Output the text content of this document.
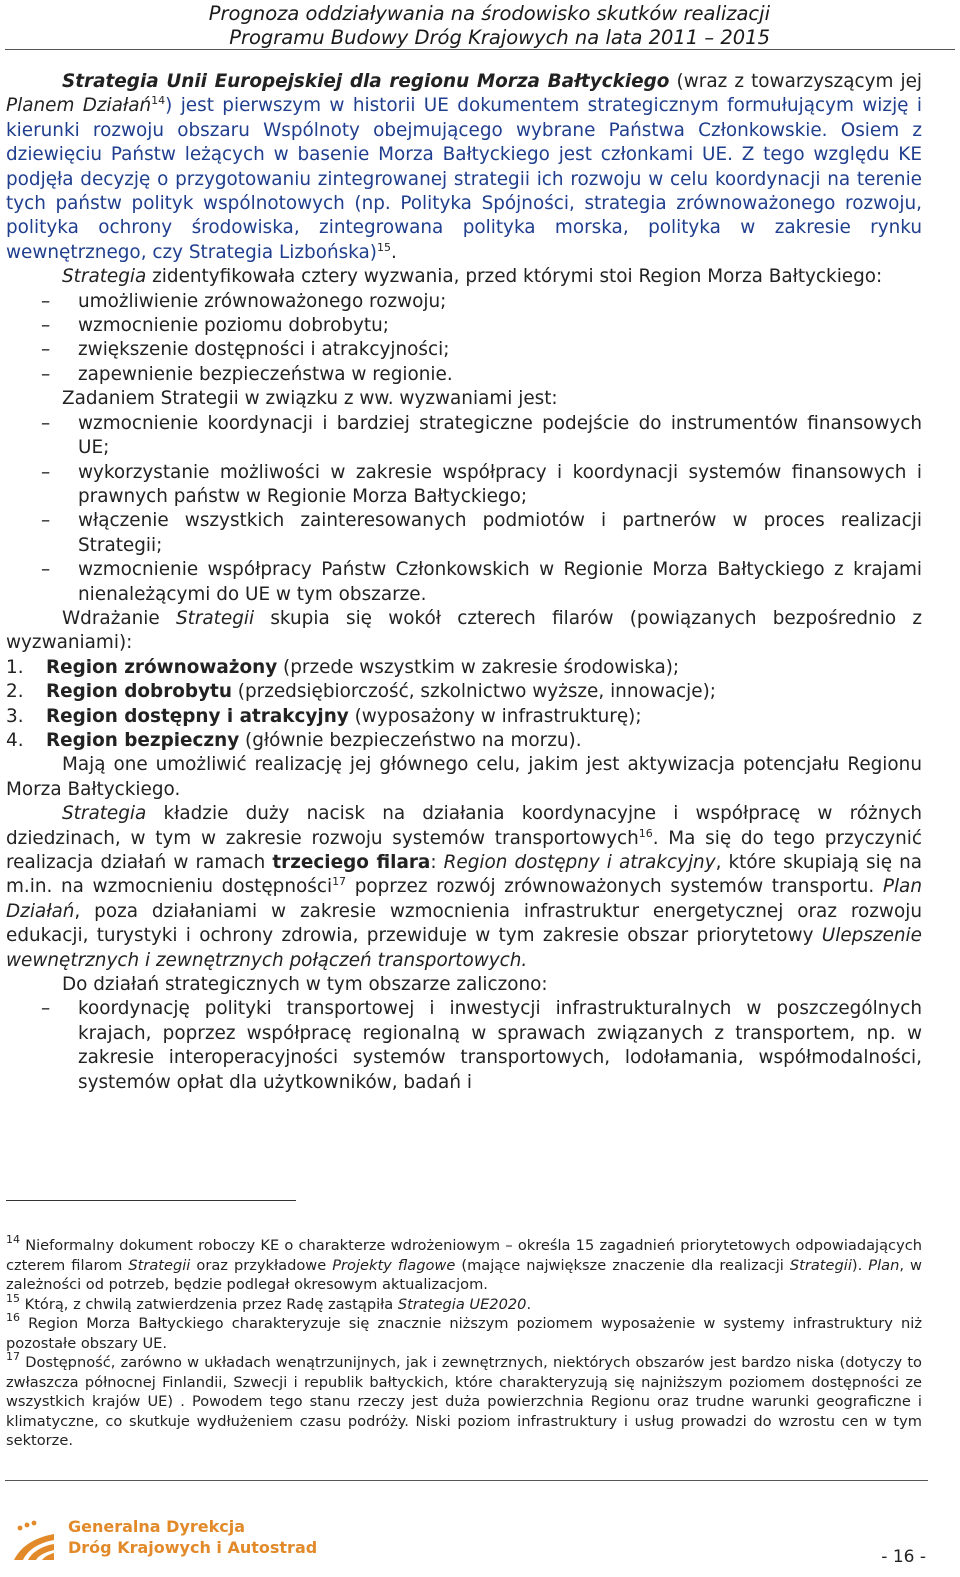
Prognoza oddziaływania na środowisko skutków realizacji
Programu Budowy Dróg Krajowych na lata 2011 – 2015

Strategia Unii Europejskiej dla regionu Morza Bałtyckiego (wraz z towarzyszącym jej Planem Działań$^{14}$) jest pierwszym w historii UE dokumentem strategicznym formułującym wizję i kierunki rozwoju obszaru Wspólnoty obejmującego wybrane Państwa Członkowskie. Osiem z dziewięciu Państw leżących w basenie Morza Bałtyckiego jest członkami UE. Z tego względu KE podjęła decyzję o przygotowaniu zintegrowanej strategii ich rozwoju w celu koordynacji na terenie tych państw polityk wspólnotowych (np. Polityka Spójności, strategia zrównoważonego rozwoju, polityka ochrony środowiska, zintegrowana polityka morska, polityka w zakresie rynku wewnętrznego, czy Strategia Lizbońska)$^{15}$.

Strategia zidentyfikowała cztery wyzwania, przed którymi stoi Region Morza Bałtyckiego:

– umożliwienie zrównoważonego rozwoju;
– wzmocnienie poziomu dobrobytu;
– zwiększenie dostępności i atrakcyjności;
– zapewnienie bezpieczeństwa w regionie.

Zadaniem Strategii w związku z ww. wyzwaniami jest:

– wzmocnienie koordynacji i bardziej strategiczne podejście do instrumentów finansowych UE;
– wykorzystanie możliwości w zakresie współpracy i koordynacji systemów finansowych i prawnych państw w Regionie Morza Bałtyckiego;
– włączenie wszystkich zainteresowanych podmiotów i partnerów w proces realizacji Strategii;
– wzmocnienie współpracy Państw Członkowskich w Regionie Morza Bałtyckiego z krajami nienależącymi do UE w tym obszarze.

Wdrażanie Strategii skupia się wokół czterech filarów (powiązanych bezpośrednio z wyzwaniami):

1. Region zrównoważony (przede wszystkim w zakresie środowiska);
2. Region dobrobytu (przedsiębiorczość, szkolnictwo wyższe, innowacje);
3. Region dostępny i atrakcyjny (wyposażony w infrastrukturę);
4. Region bezpieczny (głównie bezpieczeństwo na morzu).

Mają one umożliwić realizację jej głównego celu, jakim jest aktywizacja potencjału Regionu Morza Bałtyckiego.

Strategia kładzie duży nacisk na działania koordynacyjne i współpracę w różnych dziedzinach, w tym w zakresie rozwoju systemów transportowych$^{16}$. Ma się do tego przyczynić realizacja działań w ramach trzeciego filara: Region dostępny i atrakcyjny, które skupiają się na m.in. na wzmocnieniu dostępności$^{17}$ poprzez rozwój zrównoważonych systemów transportu. Plan Działań, poza działaniami w zakresie wzmocnienia infrastruktur energetycznej oraz rozwoju edukacji, turystyki i ochrony zdrowia, przewiduje w tym zakresie obszar priorytetowy Ulepszenie wewnętrznych i zewnętrznych połączeń transportowych.

Do działań strategicznych w tym obszarze zaliczono:

– koordynację polityki transportowej i inwestycji infrastrukturalnych w poszczególnych krajach, poprzez współpracę regionalną w sprawach związanych z transportem, np. w zakresie interoperacyjności systemów transportowych, lodołamania, współmodalności, systemów opłat dla użytkowników, badań i

$^{14}$ Nieformalny dokument roboczy KE o charakterze wdrożeniowym – określa 15 zagadnień priorytetowych odpowiadających czterem filarom Strategii oraz przykładowe Projekty flagowe (mające największe znaczenie dla realizacji Strategii). Plan, w zależności od potrzeb, będzie podlegał okresowym aktualizacjom.

$^{15}$ Którą, z chwilą zatwierdzenia przez Radę zastąpiła Strategia UE2020.

$^{16}$ Region Morza Bałtyckiego charakteryzuje się znacznie niższym poziomem wyposażenie w systemy infrastruktury niż pozostałe obszary UE.

$^{17}$ Dostępność, zarówno w układach wenątrzunijnych, jak i zewnętrznych, niektórych obszarów jest bardzo niska (dotyczy to zwłaszcza północnej Finlandii, Szwecji i republik bałtyckich, które charakteryzują się najniższym poziomem dostępności ze wszystkich krajów UE) . Powodem tego stanu rzeczy jest duża powierzchnia Regionu oraz trudne warunki geograficzne i klimatyczne, co skutkuje wydłużeniem czasu podróży. Niski poziom infrastruktury i usług prowadzi do wzrostu cen w tym sektorze.

Generalna Dyrekcja
Dróg Krajowych i Autostrad	- 16 -
